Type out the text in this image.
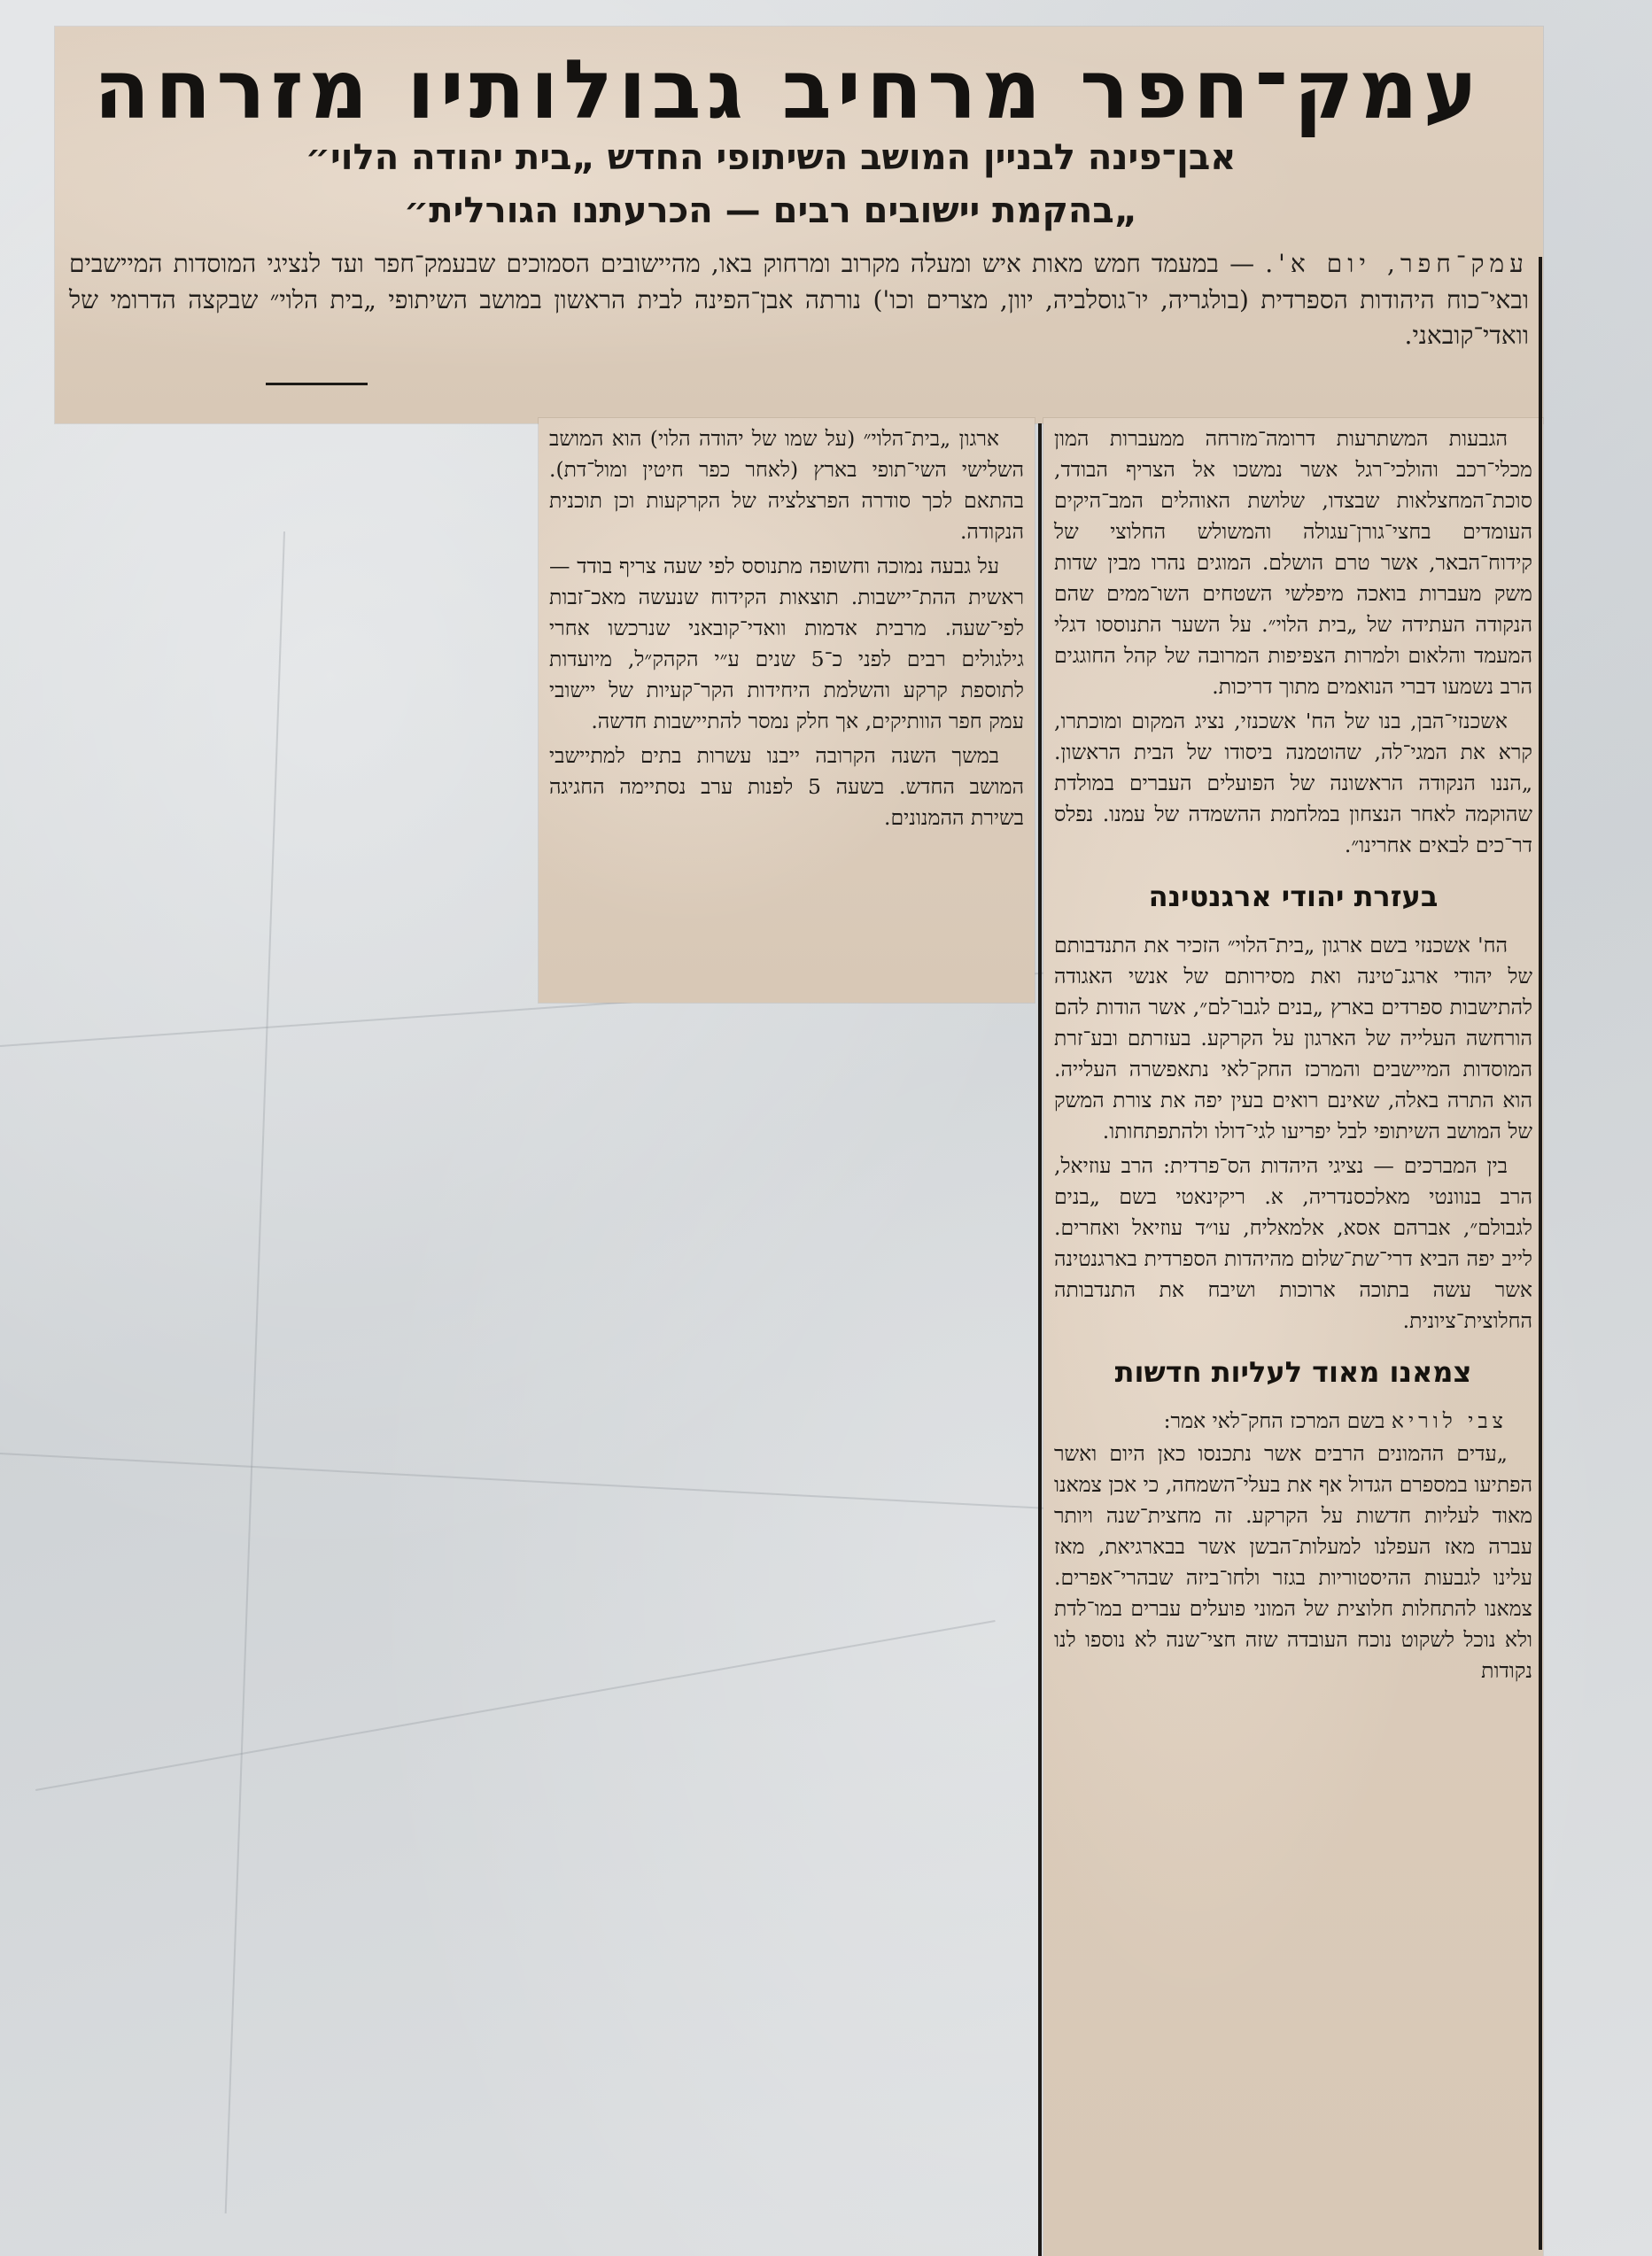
עמק־חפר מרחיב גבולותיו מזרחה
אבן־פינה לבניין המושב השיתופי החדש „בית יהודה הלוי״
„בהקמת יישובים רבים — הכרעתנו הגורלית״
עמק־חפר, יום א'. — במעמד חמש מאות איש ומעלה מקרוב ומרחוק באו, מהיישובים הסמוכים שבעמק־חפר ועד לנציגי המוסדות המיישבים ובאי־כוח היהודות הספרדית (בולגריה, יו־גוסלביה, יוון, מצרים וכו') נורתה אבן־הפינה לבית הראשון במושב השיתופי „בית הלוי״ שבקצה הדרומי של וואדי־קובאני.

ארגון „בית־הלוי״ (על שמו של יהודה הלוי) הוא המושב השלישי השי־תופי בארץ (לאחר כפר חיטין ומול־דת). בהתאם לכך סודרה הפרצלציה של הקרקעות וכן תוכנית הנקודה.

על גבעה נמוכה וחשופה מתנוסס לפי שעה צריף בודד — ראשית ההת־יישבות. תוצאות הקידוח שנעשה מאכ־זבות לפי־שעה. מרבית אדמות וואדי־קובאני שנרכשו אחרי גילגולים רבים לפני כ־5 שנים ע״י הקהק״ל, מיועדות לתוספת קרקע והשלמת היחידות הקר־קעיות של יישובי עמק חפר הוותיקים, אך חלק נמסר להתיישבות חדשה.

במשך השנה הקרובה ייבנו עשרות בתים למתיישבי המושב החדש. בשעה 5 לפנות ערב נסתיימה החגיגה בשירת ההמנונים.

הגבעות המשתרעות דרומה־מזרחה ממעברות המון מכלי־רכב והולכי־רגל אשר נמשכו אל הצריף הבודד, סוכת־המחצלאות שבצדו, שלושת האוהלים המב־היקים העומדים בחצי־גורן־עגולה והמשולש החלוצי של קידוח־הבאר, אשר טרם הושלם. המוגים נהרו מבין שדות משק מעברות בואכה מיפלשי השטחים השו־ממים שהם הנקודה העתידה של „בית הלוי״. על השער התנוססו דגלי המעמד והלאום ולמרות הצפיפות המרובה של קהל החוגגים הרב נשמעו דברי הנואמים מתוך דריכות.

אשכנזי־הבן, בנו של הח' אשכנזי, נציג המקום ומוכתרו, קרא את המגי־לה, שהוטמנה ביסודו של הבית הראשון. „הננו הנקודה הראשונה של הפועלים העברים במולדת שהוקמה לאחר הנצחון במלחמת ההשמדה של עמנו. נפלס דר־כים לבאים אחרינו״.

בעזרת יהודי ארגנטינה

הח' אשכנזי בשם ארגון „בית־הלוי״ הזכיר את התנדבותם של יהודי ארגנ־טינה ואת מסירותם של אנשי האגודה להתישבות ספרדים בארץ „בנים לגבו־לם״, אשר הודות להם הורחשה העלייה של הארגון על הקרקע. בעזרתם ובע־זרת המוסדות המיישבים והמרכז החק־לאי נתאפשרה העלייה. הוא התרה באלה, שאינם רואים בעין יפה את צורת המשק של המושב השיתופי לבל יפריעו לגי־דולו ולהתפתחותו.

בין המברכים — נציגי היהדות הס־פרדית: הרב עוזיאל, הרב בנוונטי מאלכסנדריה, א. ריקינאטי בשם „בנים לגבולם״, אברהם אסא, אלמאליח, עו״ד עוזיאל ואחרים. לייב יפה הביא דרי־שת־שלום מהיהדות הספרדית בארגנטינה אשר עשה בתוכה ארוכות ושיבח את התנדבותה החלוצית־ציונית.

צמאנו מאוד לעליות חדשות

צבי לוריא בשם המרכז החק־לאי אמר:

„עדים ההמונים הרבים אשר נתכנסו כאן היום ואשר הפתיעו במספרם הגדול אף את בעלי־השמחה, כי אכן צמאנו מאוד לעליות חדשות על הקרקע. זה מחצית־שנה ויותר עברה מאז העפלנו למעלות־הבשן אשר בבארגיאת, מאז עלינו לגבעות ההיסטוריות בגזר ולחו־ביזה שבהרי־אפרים. צמאנו להתחלות חלוצית של המוני פועלים עברים במו־לדת ולא נוכל לשקוט נוכח העובדה שזה חצי־שנה לא נוספו לנו נקודות
